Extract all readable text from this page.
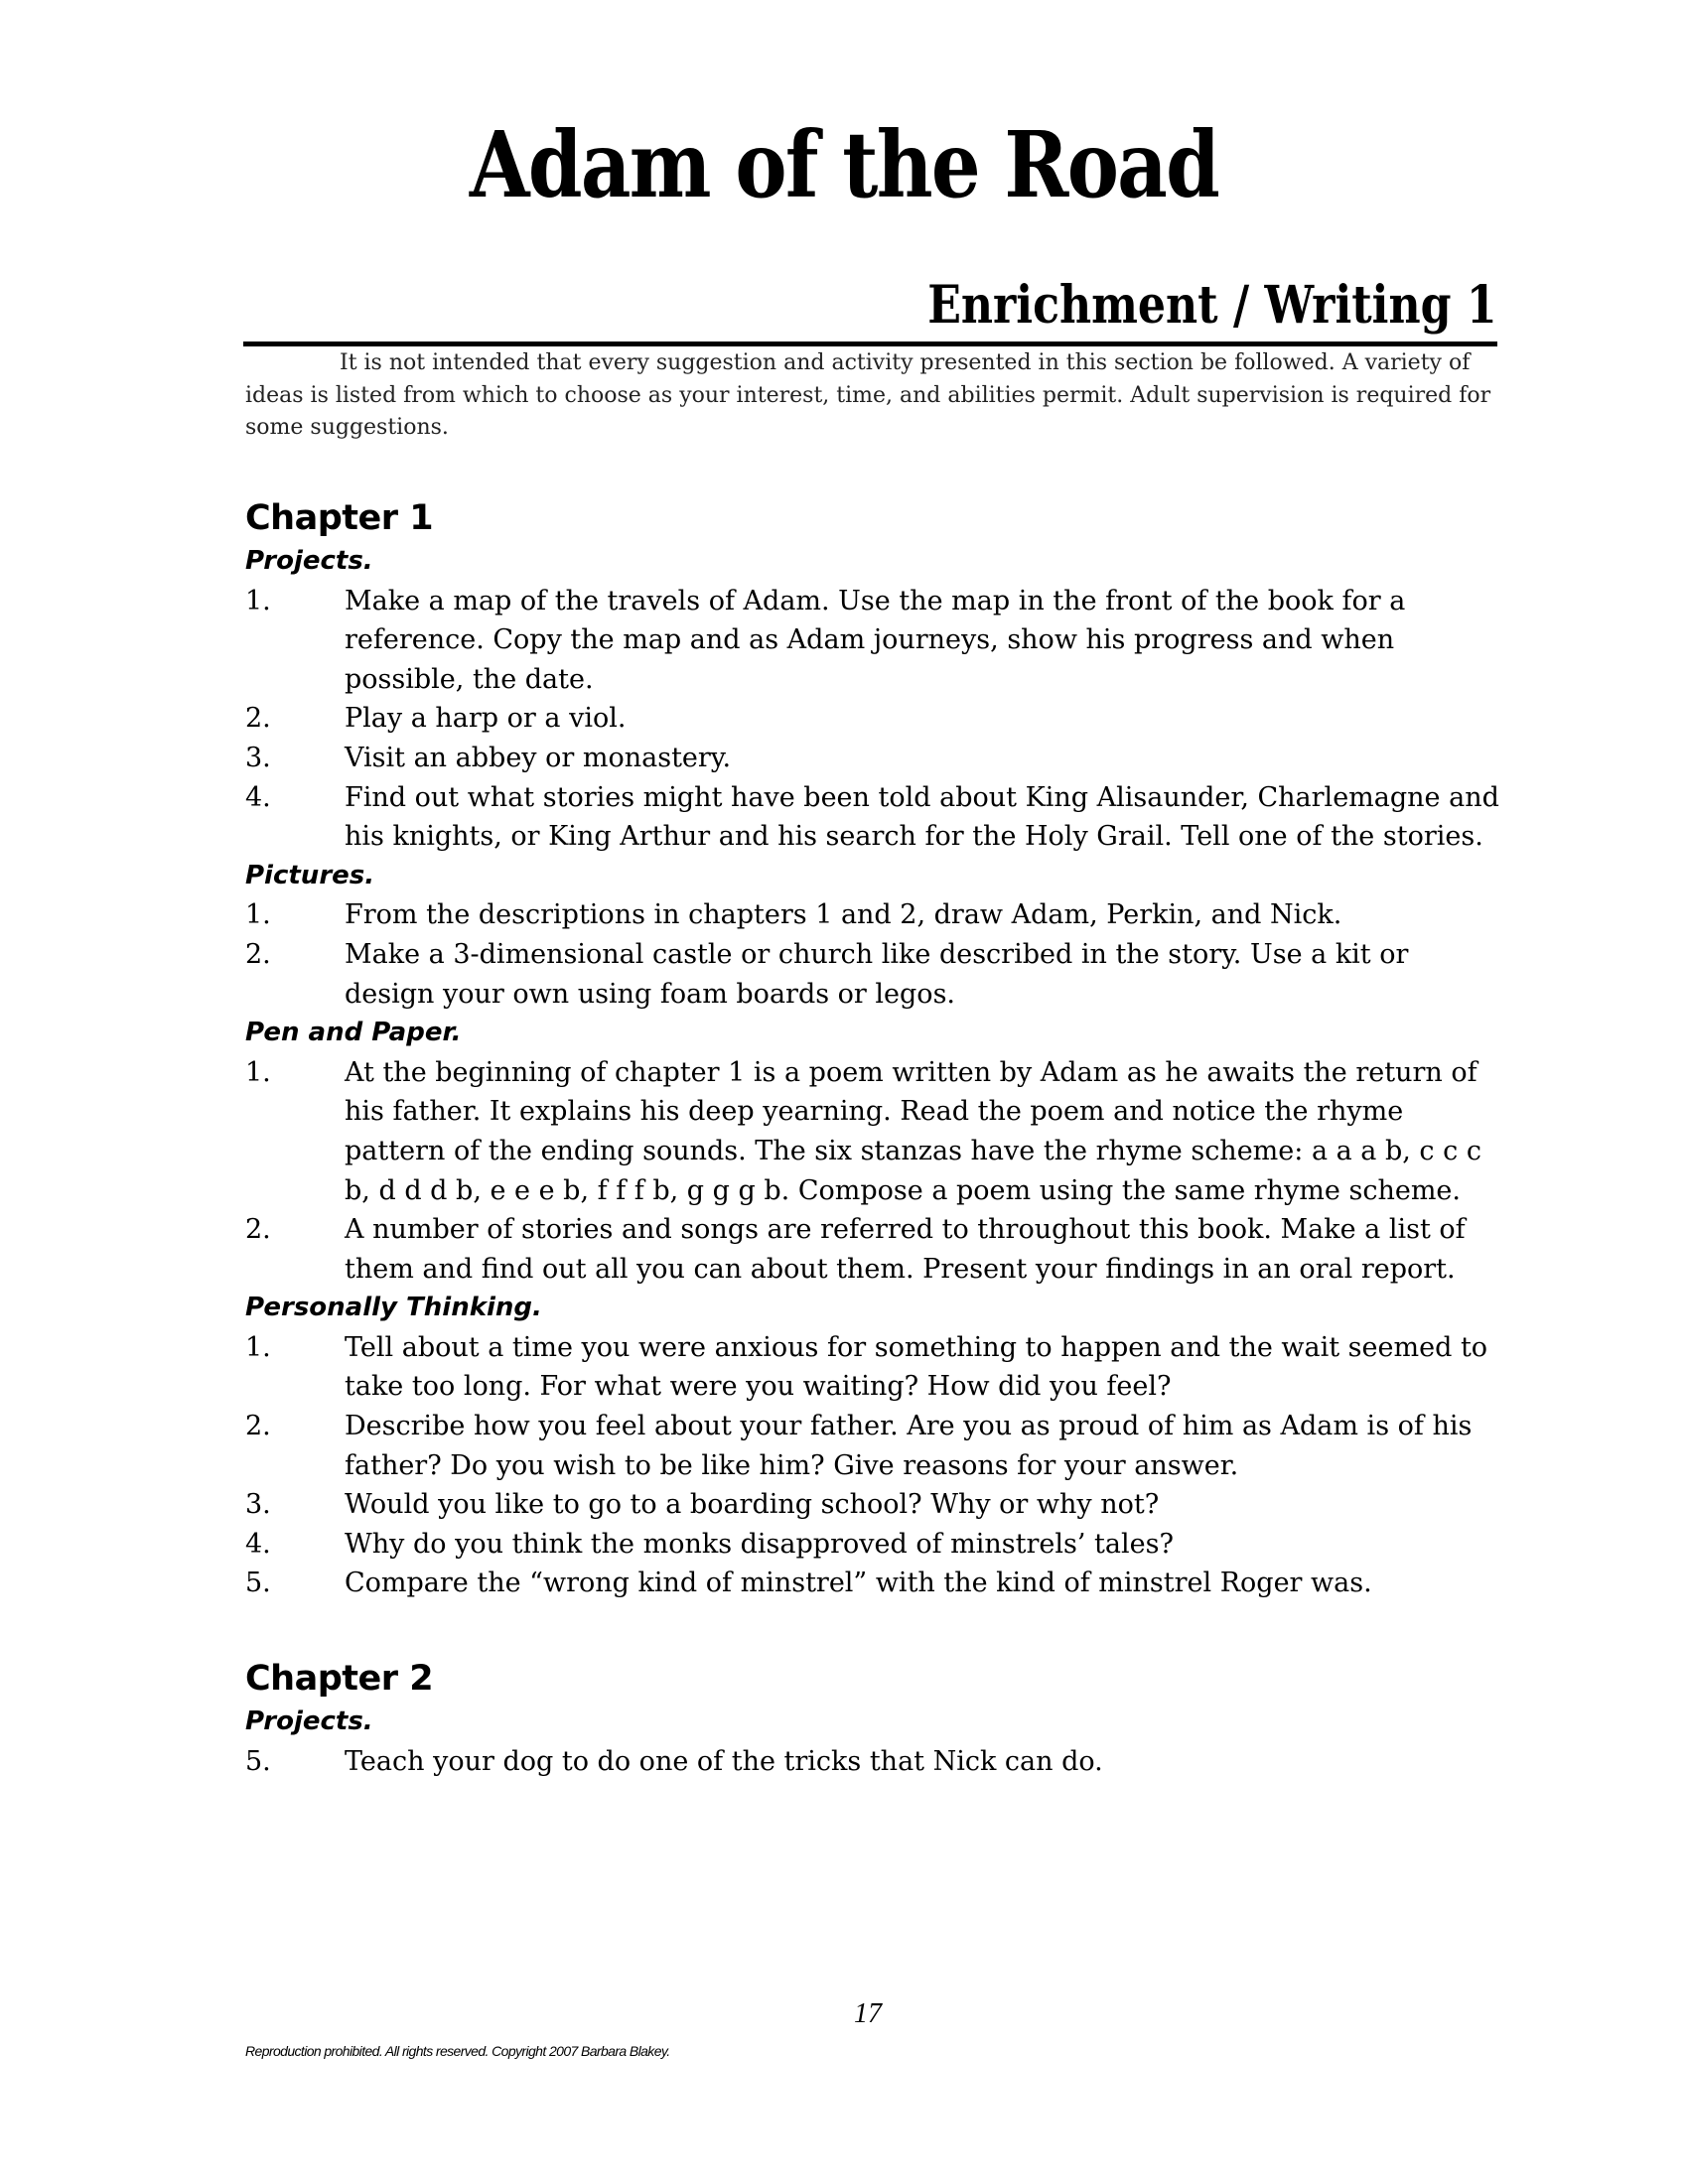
Adam of the Road
Enrichment / Writing 1
It is not intended that every suggestion and activity presented in this section be followed. A variety of ideas is listed from which to choose as your interest, time, and abilities permit. Adult supervision is required for some suggestions.
Chapter 1
Projects.
1.	Make a map of the travels of Adam. Use the map in the front of the book for a reference. Copy the map and as Adam journeys, show his progress and when possible, the date.
2.	Play a harp or a viol.
3.	Visit an abbey or monastery.
4.	Find out what stories might have been told about King Alisaunder, Charlemagne and his knights, or King Arthur and his search for the Holy Grail. Tell one of the stories.
Pictures.
1.	From the descriptions in chapters 1 and 2, draw Adam, Perkin, and Nick.
2.	Make a 3-dimensional castle or church like described in the story. Use a kit or design your own using foam boards or legos.
Pen and Paper.
1.	At the beginning of chapter 1 is a poem written by Adam as he awaits the return of his father. It explains his deep yearning. Read the poem and notice the rhyme pattern of the ending sounds. The six stanzas have the rhyme scheme: a a a b, c c c b, d d d b, e e e b, f f f b, g g g b. Compose a poem using the same rhyme scheme.
2.	A number of stories and songs are referred to throughout this book. Make a list of them and find out all you can about them. Present your findings in an oral report.
Personally Thinking.
1.	Tell about a time you were anxious for something to happen and the wait seemed to take too long. For what were you waiting? How did you feel?
2.	Describe how you feel about your father. Are you as proud of him as Adam is of his father? Do you wish to be like him? Give reasons for your answer.
3.	Would you like to go to a boarding school? Why or why not?
4.	Why do you think the monks disapproved of minstrels’ tales?
5.	Compare the “wrong kind of minstrel” with the kind of minstrel Roger was.
Chapter 2
Projects.
5.	Teach your dog to do one of the tricks that Nick can do.
17
Reproduction prohibited. All rights reserved. Copyright 2007 Barbara Blakey.
